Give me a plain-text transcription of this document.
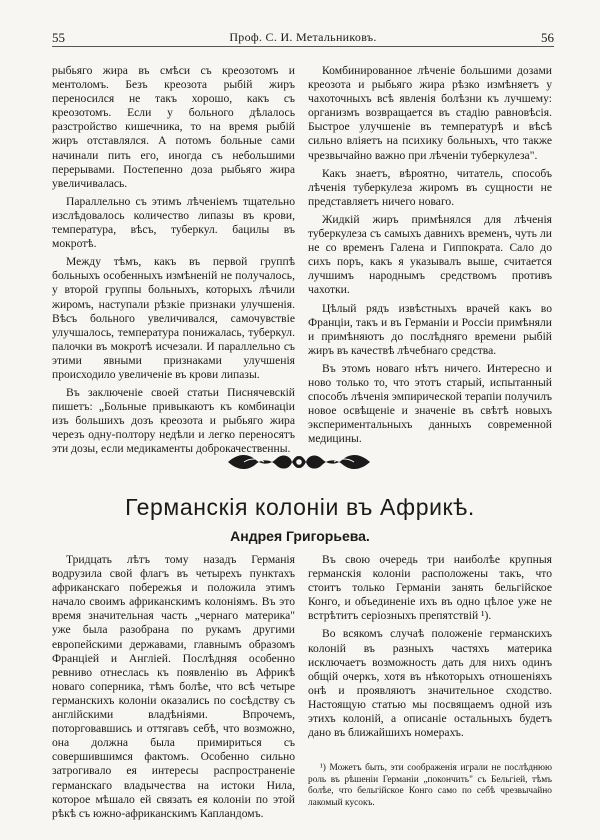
55	Проф. С. И. Метальниковъ.	56

рыбьяго жира въ смѣси съ креозотомъ и ментоломъ. Безъ креозота рыбій жиръ переносился не такъ хорошо, какъ съ креозотомъ. Если у больного дѣлалось разстройство кишечника, то на время рыбій жиръ отставлялся. А потомъ больные сами начинали пить его, иногда съ небольшими перерывами. Постепенно доза рыбьяго жира увеличивалась.

Параллельно съ этимъ лѣченіемъ тщательно изслѣдовалось количество липазы въ крови, температура, вѣсъ, туберкул. бацилы въ мокротѣ.

Между тѣмъ, какъ въ первой группѣ больныхъ особенныхъ измѣненій не получалось, у второй группы больныхъ, которыхъ лѣчили жиромъ, наступали рѣзкіе признаки улучшенія. Вѣсъ больного увеличивался, самочувствіе улучшалось, температура понижалась, туберкул. палочки въ мокротѣ исчезали. И параллельно съ этими явными признаками улучшенія происходило увеличеніе въ крови липазы.

Въ заключеніе своей статьи Писнячевскій пишетъ: „Больные привыкаютъ къ комбинаціи изъ большихъ дозъ креозота и рыбьяго жира черезъ одну-полтору недѣли и легко переносятъ эти дозы, если медикаменты доброкачественны.

Комбинированное лѣченіе большими дозами креозота и рыбьяго жира рѣзко измѣняетъ у чахоточныхъ всѣ явленія болѣзни къ лучшему: организмъ возвращается въ стадію равновѣсія. Быстрое улучшеніе въ температурѣ и вѣсѣ сильно вліяетъ на психику больныхъ, что также чрезвычайно важно при лѣченіи туберкулеза".

Какъ знаетъ, вѣроятно, читатель, способъ лѣченія туберкулеза жиромъ въ сущности не представляетъ ничего новаго.

Жидкій жиръ примѣнялся для лѣченія туберкулеза съ самыхъ давнихъ временъ, чуть ли не со временъ Галена и Гиппократа. Сало до сихъ поръ, какъ я указывалъ выше, считается лучшимъ народнымъ средствомъ противъ чахотки.

Цѣлый рядъ извѣстныхъ врачей какъ во Франціи, такъ и въ Германіи и Россіи примѣняли и примѣняютъ до послѣдняго времени рыбій жиръ въ качествѣ лѣчебнаго средства.

Въ этомъ новаго нѣтъ ничего. Интересно и ново только то, что этотъ старый, испытанный способъ лѣченія эмпирической терапіи получилъ новое освѣщеніе и значеніе въ свѣтѣ новыхъ экспериментальныхъ данныхъ современной медицины.

Германскія колоніи въ Африкѣ.
Андрея Григорьева.

Тридцать лѣтъ тому назадъ Германія водрузила свой флагъ въ четырехъ пунктахъ африканскаго побережья и положила этимъ начало своимъ африканскимъ колоніямъ. Въ это время значительная часть „чернаго материка" уже была разобрана по рукамъ другими европейскими державами, главнымъ образомъ Франціей и Англіей. Послѣдняя особенно ревниво отнеслась къ появленію въ Африкѣ новаго соперника, тѣмъ болѣе, что всѣ четыре германскихъ колоніи оказались по сосѣдству съ англійскими владѣніями. Впрочемъ, поторговавшись и оттягавъ себѣ, что возможно, она должна была примириться съ совершившимся фактомъ. Особенно сильно затрогивало ея интересы распространеніе германскаго владычества на истоки Нила, которое мѣшало ей связать ея колоніи по этой рѣкѣ съ южно-африканскимъ Капландомъ.

Въ свою очередь три наиболѣе крупныя германскія колоніи расположены такъ, что стоитъ только Германіи занять бельгійское Конго, и объединеніе ихъ въ одно цѣлое уже не встрѣтитъ серіозныхъ препятствій ¹).

Во всякомъ случаѣ положеніе германскихъ колоній въ разныхъ частяхъ материка исключаетъ возможность дать для нихъ одинъ общій очеркъ, хотя въ нѣкоторыхъ отношеніяхъ онѣ и проявляютъ значительное сходство. Настоящую статью мы посвящаемъ одной изъ этихъ колоній, а описаніе остальныхъ будетъ дано въ ближайшихъ номерахъ.

¹) Можетъ быть, эти соображенія играли не послѣднюю роль въ рѣшеніи Германіи „покончить" съ Бельгіей, тѣмъ болѣе, что бельгійское Конго само по себѣ чрезвычайно лакомый кусокъ.
